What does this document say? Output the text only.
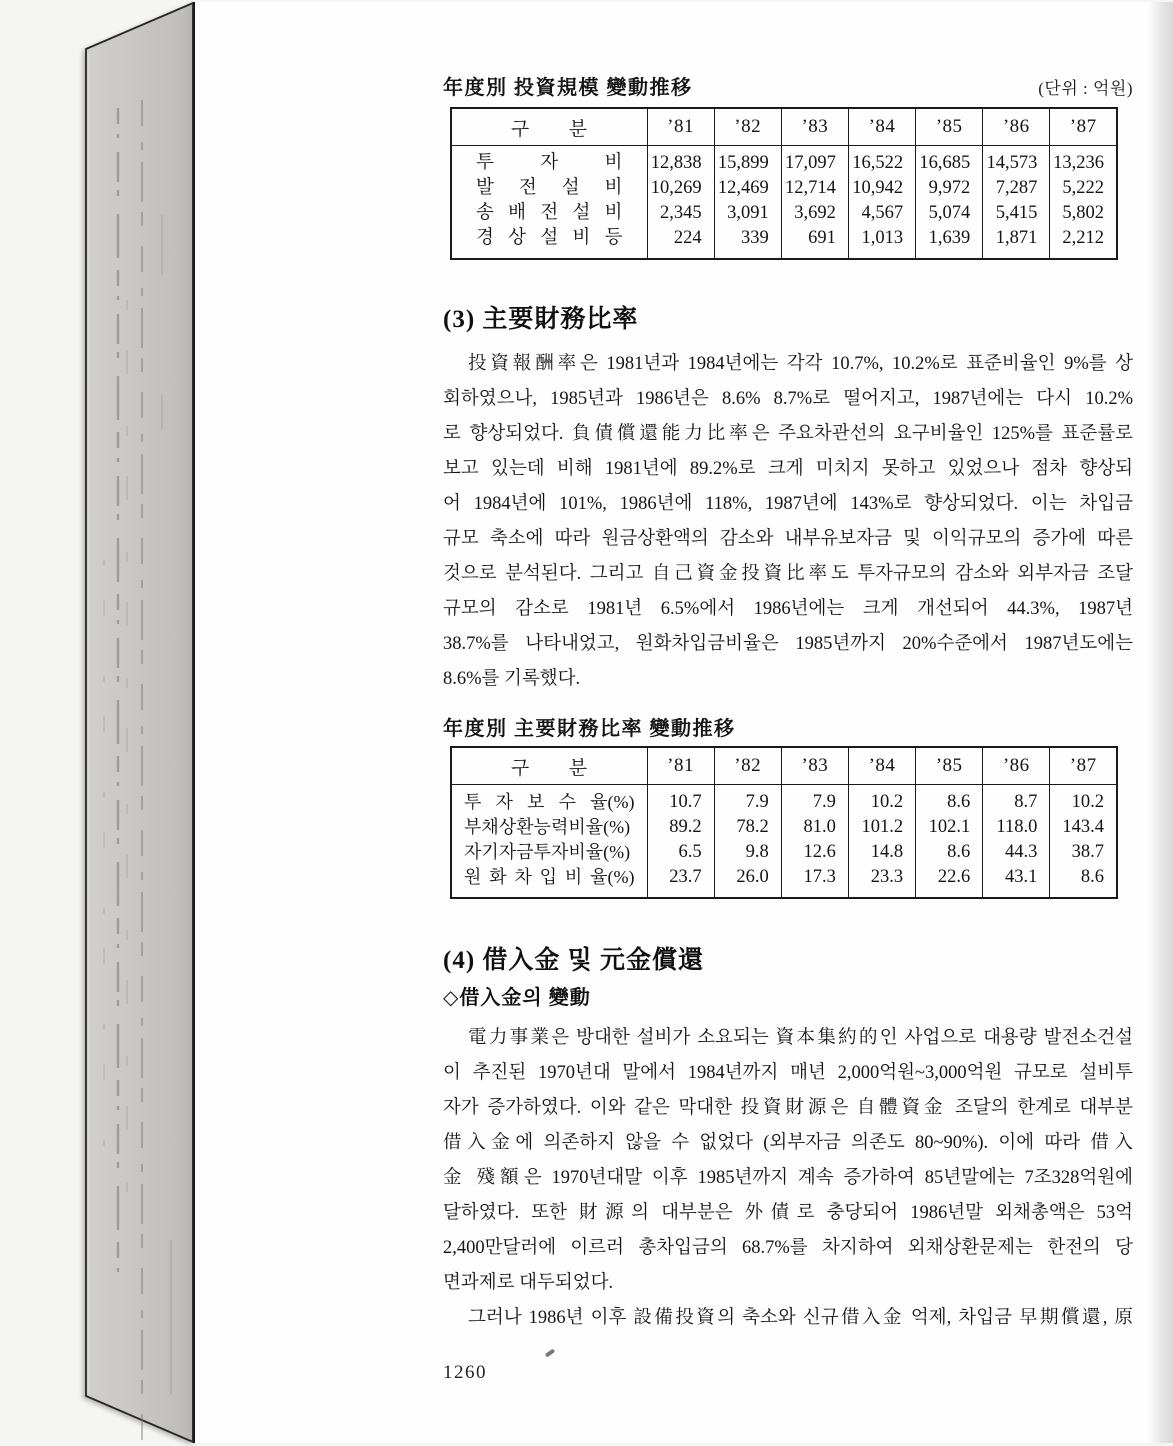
年度別 投資規模 變動推移	(단위 : 억원)
구　　분	’81	’82	’83	’84	’85	’86	’87

투 자 비	12,838	15,899	17,097	16,522	16,685	14,573	13,236

발 전 설 비	10,269	12,469	12,714	10,942	9,972	7,287	5,222

송 배 전 설 비	2,345	3,091	3,692	4,567	5,074	5,415	5,802

경 상 설 비 등	224	339	691	1,013	1,639	1,871	2,212
(3) 主要財務比率
投資報酬率은 1981년과 1984년에는 각각 10.7%, 10.2%로 표준비율인 9%를 상
회하였으나, 1985년과 1986년은 8.6% 8.7%로 떨어지고, 1987년에는 다시 10.2%
로 향상되었다. 負債償還能力比率은 주요차관선의 요구비율인 125%를 표준률로
보고 있는데 비해 1981년에 89.2%로 크게 미치지 못하고 있었으나 점차 향상되
어 1984년에 101%, 1986년에 118%, 1987년에 143%로 향상되었다. 이는 차입금
규모 축소에 따라 원금상환액의 감소와 내부유보자금 및 이익규모의 증가에 따른
것으로 분석된다. 그리고 自己資金投資比率도 투자규모의 감소와 외부자금 조달
규모의 감소로 1981년 6.5%에서 1986년에는 크게 개선되어 44.3%, 1987년
38.7%를 나타내었고, 원화차입금비율은 1985년까지 20%수준에서 1987년도에는
8.6%를 기록했다.
年度別 主要財務比率 變動推移
구　　분	’81	’82	’83	’84	’85	’86	’87

투 자 보 수 율(%)	10.7	7.9	7.9	10.2	8.6	8.7	10.2

부채상환능력비율(%)	89.2	78.2	81.0	101.2	102.1	118.0	143.4

자기자금투자비율(%)	6.5	9.8	12.6	14.8	8.6	44.3	38.7

원 화 차 입 비 율(%)	23.7	26.0	17.3	23.3	22.6	43.1	8.6
(4) 借入金 및 元金償還
◇借入金의 變動
電力事業은 방대한 설비가 소요되는 資本集約的인 사업으로 대용량 발전소건설
이 추진된 1970년대 말에서 1984년까지 매년 2,000억원~3,000억원 규모로 설비투
자가 증가하였다. 이와 같은 막대한 投資財源은 自體資金 조달의 한계로 대부분
借入金에 의존하지 않을 수 없었다 (외부자금 의존도 80~90%). 이에 따라 借入
金 殘額은 1970년대말 이후 1985년까지 계속 증가하여 85년말에는 7조328억원에
달하였다. 또한 財源의 대부분은 外債로 충당되어 1986년말 외채총액은 53억
2,400만달러에 이르러 총차입금의 68.7%를 차지하여 외채상환문제는 한전의 당
면과제로 대두되었다.
그러나 1986년 이후 設備投資의 축소와 신규借入金 억제, 차입금 早期償還, 原
1260
